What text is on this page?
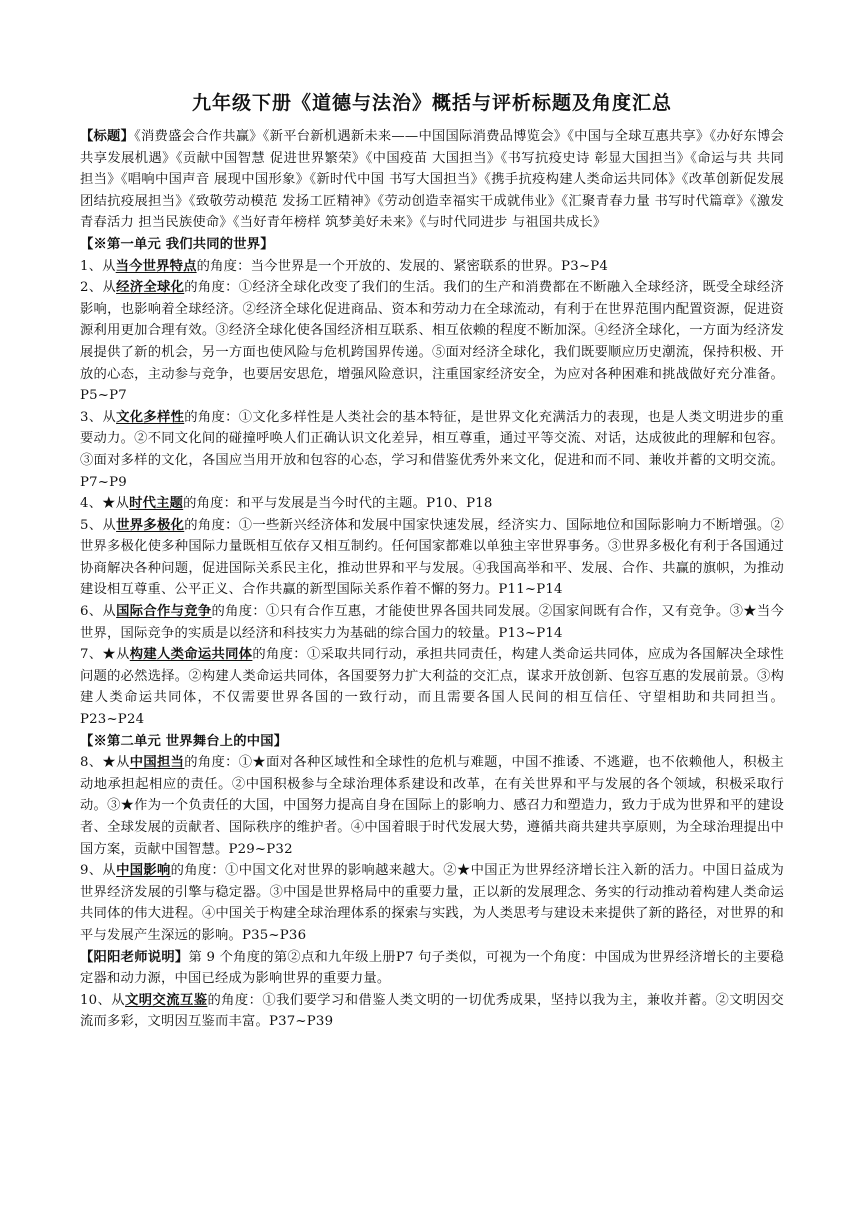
九年级下册《道德与法治》概括与评析标题及角度汇总

【标题】《消费盛会合作共赢》《新平台新机遇新未来——中国国际消费品博览会》《中国与全球互惠共享》《办好东博会 共享发展机遇》《贡献中国智慧 促进世界繁荣》《中国疫苗 大国担当》《书写抗疫史诗 彰显大国担当》《命运与共 共同担当》《唱响中国声音 展现中国形象》《新时代中国 书写大国担当》《携手抗疫构建人类命运共同体》《改革创新促发展 团结抗疫展担当》《致敬劳动模范 发扬工匠精神》《劳动创造幸福实干成就伟业》《汇聚青春力量 书写时代篇章》《激发青春活力 担当民族使命》《当好青年榜样 筑梦美好未来》《与时代同进步 与祖国共成长》

【※第一单元 我们共同的世界】

1、从当今世界特点的角度：当今世界是一个开放的、发展的、紧密联系的世界。P3~P4

2、从经济全球化的角度：①经济全球化改变了我们的生活。我们的生产和消费都在不断融入全球经济，既受全球经济影响，也影响着全球经济。②经济全球化促进商品、资本和劳动力在全球流动，有利于在世界范围内配置资源，促进资源利用更加合理有效。③经济全球化使各国经济相互联系、相互依赖的程度不断加深。④经济全球化，一方面为经济发展提供了新的机会，另一方面也使风险与危机跨国界传递。⑤面对经济全球化，我们既要顺应历史潮流，保持积极、开放的心态，主动参与竞争，也要居安思危，增强风险意识，注重国家经济安全，为应对各种困难和挑战做好充分准备。P5~P7

3、从文化多样性的角度：①文化多样性是人类社会的基本特征，是世界文化充满活力的表现，也是人类文明进步的重要动力。②不同文化间的碰撞呼唤人们正确认识文化差异，相互尊重，通过平等交流、对话，达成彼此的理解和包容。③面对多样的文化，各国应当用开放和包容的心态，学习和借鉴优秀外来文化，促进和而不同、兼收并蓄的文明交流。P7~P9

4、★从时代主题的角度：和平与发展是当今时代的主题。P10、P18

5、从世界多极化的角度：①一些新兴经济体和发展中国家快速发展，经济实力、国际地位和国际影响力不断增强。②世界多极化使多种国际力量既相互依存又相互制约。任何国家都难以单独主宰世界事务。③世界多极化有利于各国通过协商解决各种问题，促进国际关系民主化，推动世界和平与发展。④我国高举和平、发展、合作、共赢的旗帜，为推动建设相互尊重、公平正义、合作共赢的新型国际关系作着不懈的努力。P11~P14

6、从国际合作与竞争的角度：①只有合作互惠，才能使世界各国共同发展。②国家间既有合作，又有竞争。③★当今世界，国际竞争的实质是以经济和科技实力为基础的综合国力的较量。P13~P14

7、★从构建人类命运共同体的角度：①采取共同行动，承担共同责任，构建人类命运共同体，应成为各国解决全球性问题的必然选择。②构建人类命运共同体，各国要努力扩大利益的交汇点，谋求开放创新、包容互惠的发展前景。③构建人类命运共同体，不仅需要世界各国的一致行动，而且需要各国人民间的相互信任、守望相助和共同担当。P23~P24

【※第二单元 世界舞台上的中国】

8、★从中国担当的角度：①★面对各种区域性和全球性的危机与难题，中国不推诿、不逃避，也不依赖他人，积极主动地承担起相应的责任。②中国积极参与全球治理体系建设和改革，在有关世界和平与发展的各个领域，积极采取行动。③★作为一个负责任的大国，中国努力提高自身在国际上的影响力、感召力和塑造力，致力于成为世界和平的建设者、全球发展的贡献者、国际秩序的维护者。④中国着眼于时代发展大势，遵循共商共建共享原则，为全球治理提出中国方案，贡献中国智慧。P29~P32

9、从中国影响的角度：①中国文化对世界的影响越来越大。②★中国正为世界经济增长注入新的活力。中国日益成为世界经济发展的引擎与稳定器。③中国是世界格局中的重要力量，正以新的发展理念、务实的行动推动着构建人类命运共同体的伟大进程。④中国关于构建全球治理体系的探索与实践，为人类思考与建设未来提供了新的路径，对世界的和平与发展产生深远的影响。P35~P36

【阳阳老师说明】第 9 个角度的第②点和九年级上册P7 句子类似，可视为一个角度：中国成为世界经济增长的主要稳定器和动力源，中国已经成为影响世界的重要力量。

10、从文明交流互鉴的角度：①我们要学习和借鉴人类文明的一切优秀成果，坚持以我为主，兼收并蓄。②文明因交流而多彩，文明因互鉴而丰富。P37~P39
